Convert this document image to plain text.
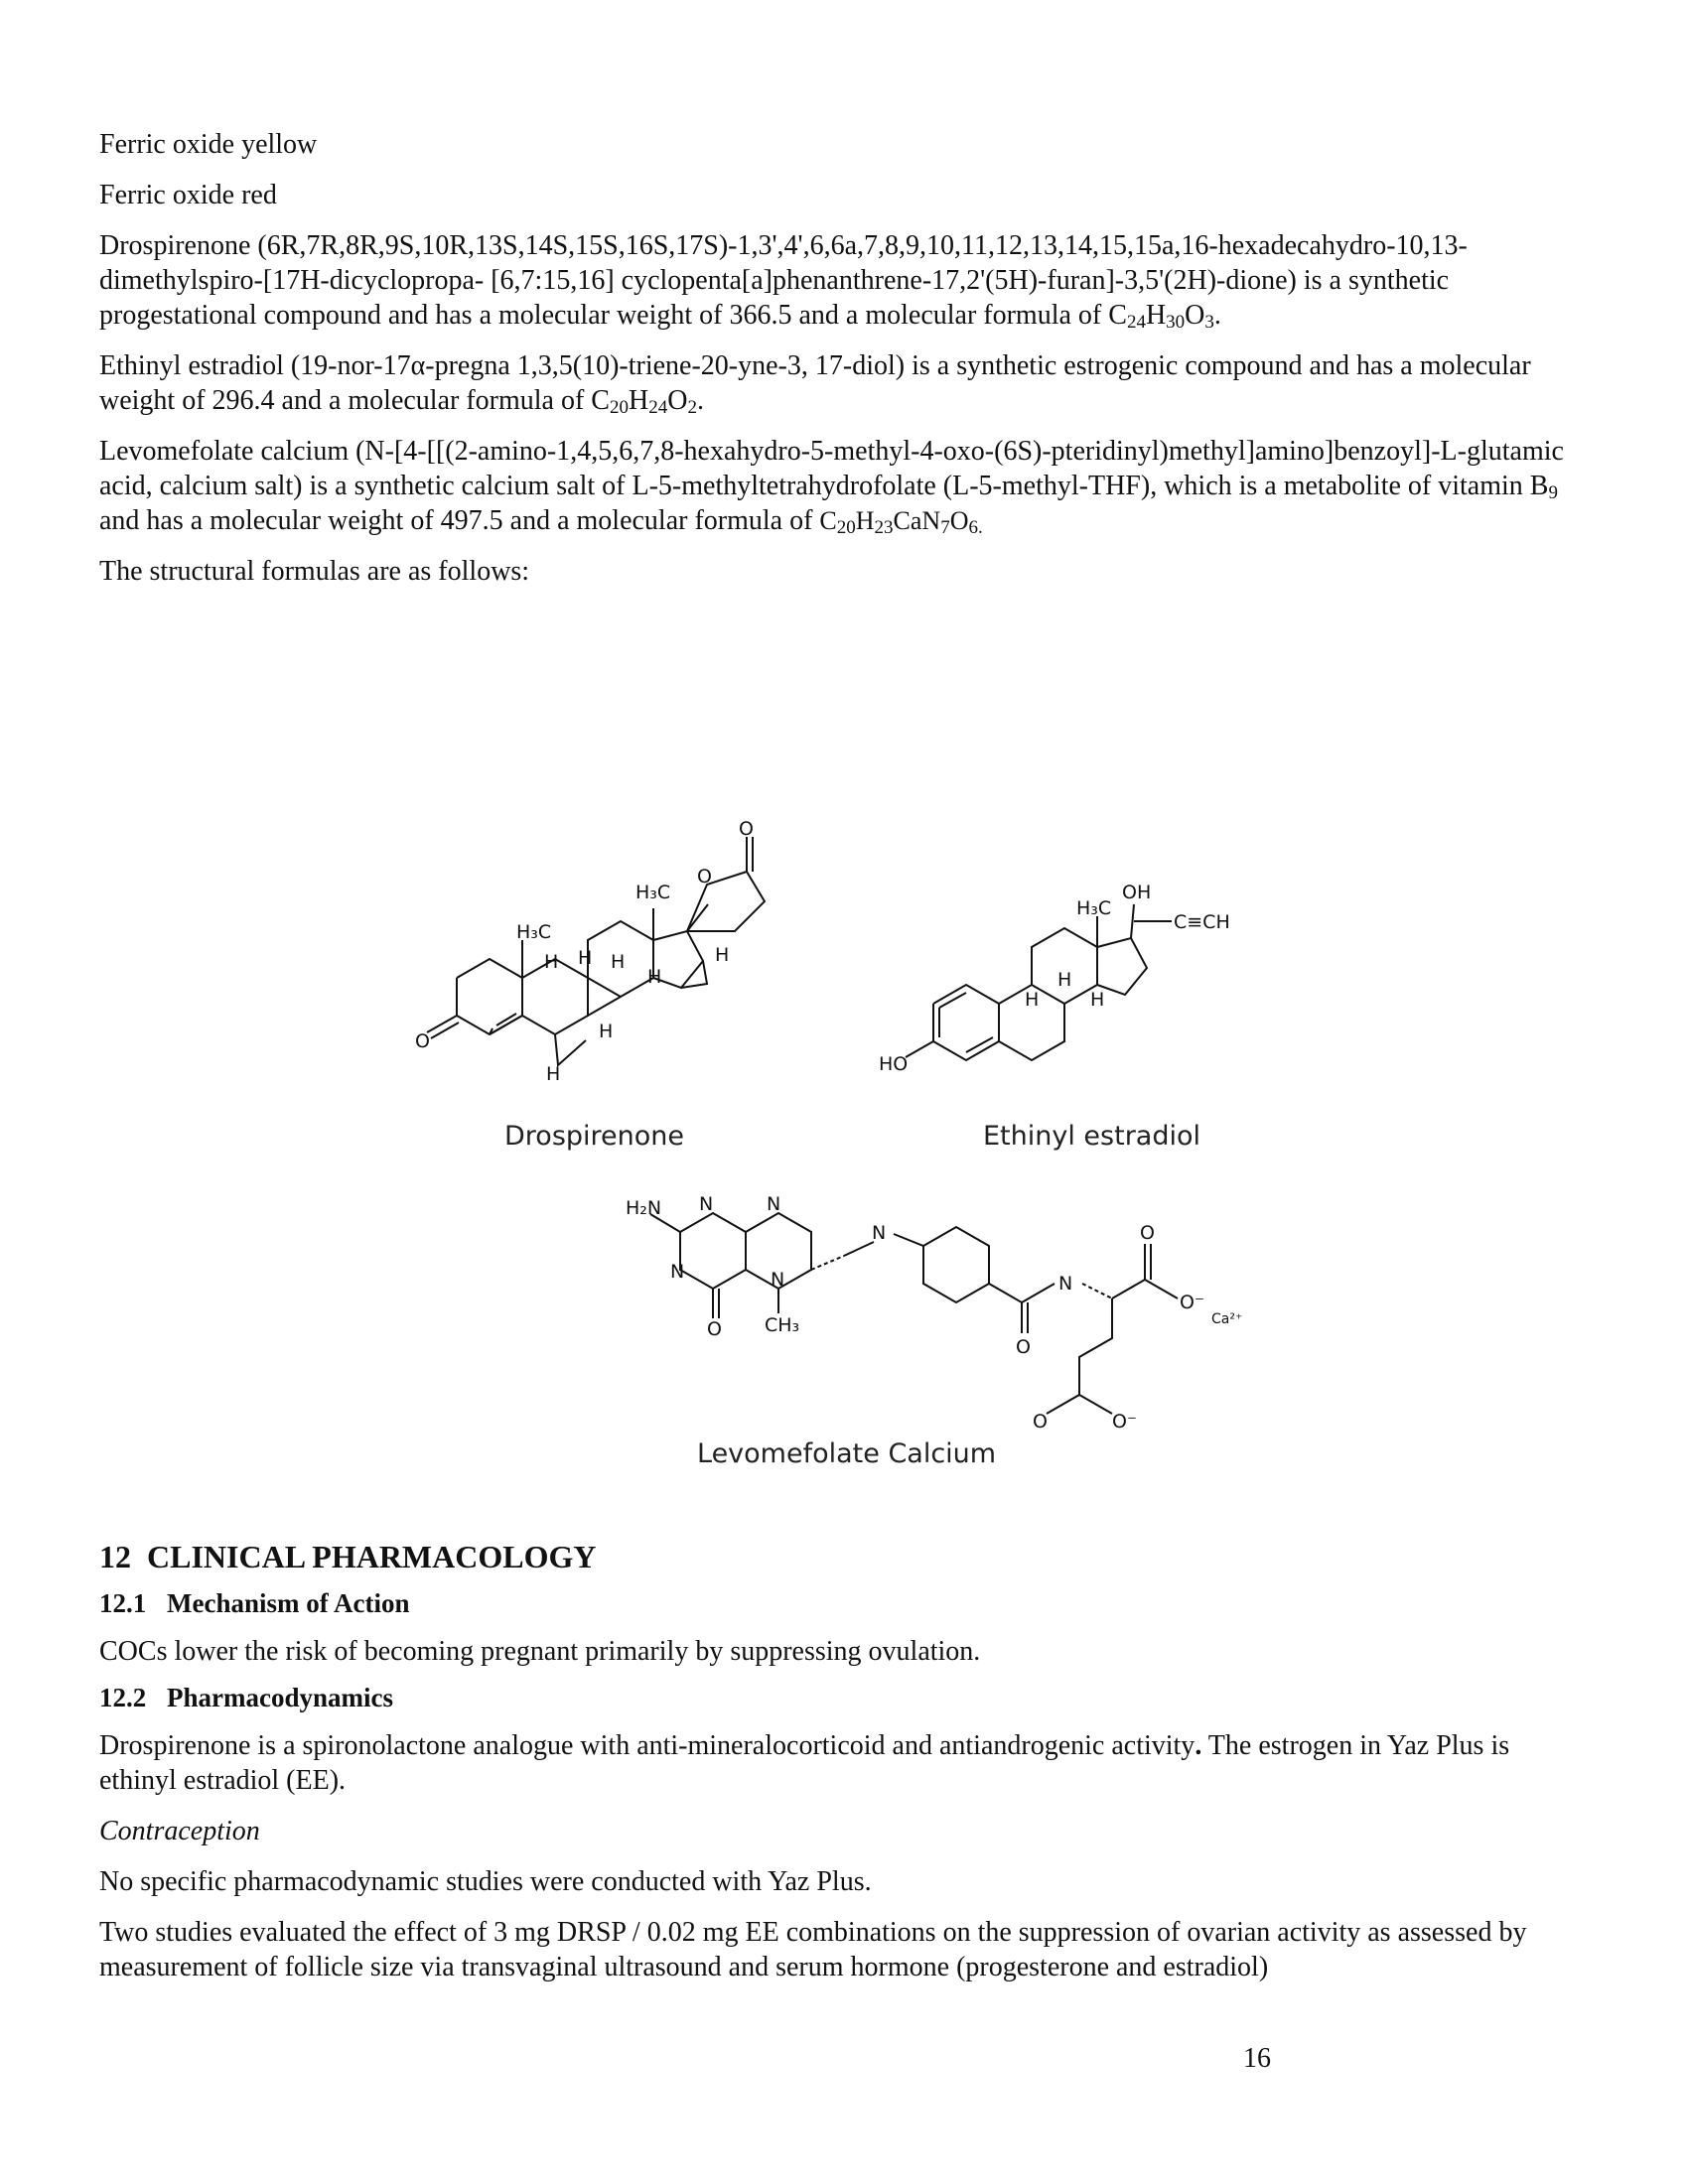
Ferric oxide yellow

Ferric oxide red

Drospirenone (6R,7R,8R,9S,10R,13S,14S,15S,16S,17S)-1,3',4',6,6a,7,8,9,10,11,12,13,14,15,15a,16-hexadecahydro-10,13-dimethylspiro-[17H-dicyclopropa- [6,7:15,16] cyclopenta[a]phenanthrene-17,2'(5H)-furan]-3,5'(2H)-dione) is a synthetic progestational compound and has a molecular weight of 366.5 and a molecular formula of $C_{24}H_{30}O_3$.

Ethinyl estradiol (19-nor-17α-pregna 1,3,5(10)-triene-20-yne-3, 17-diol) is a synthetic estrogenic compound and has a molecular weight of 296.4 and a molecular formula of $C_{20}H_{24}O_2$.

Levomefolate calcium (N-[4-[[(2-amino-1,4,5,6,7,8-hexahydro-5-methyl-4-oxo-(6S)-pteridinyl)methyl]amino]benzoyl]-L-glutamic acid, calcium salt) is a synthetic calcium salt of L-5-methyltetrahydrofolate (L-5-methyl-THF), which is a metabolite of vitamin $B_9$ and has a molecular weight of 497.5 and a molecular formula of $C_{20}H_{23}CaN_7O_{6.}$

The structural formulas are as follows:

H₃C
H₃C
O
O
O
H H H
H
H
H
H
Drospirenone
H₃C
OH
C≡CH
HO
H
H
H
Ethinyl estradiol
H₂N N	N
N	N
N
N
O CH₃
O
O
O⁻
O	O⁻
Ca²⁺
Levomefolate Calcium
12 CLINICAL PHARMACOLOGY
12.1 Mechanism of Action

COCs lower the risk of becoming pregnant primarily by suppressing ovulation.

12.2 Pharmacodynamics

Drospirenone is a spironolactone analogue with anti-mineralocorticoid and antiandrogenic activity. The estrogen in Yaz Plus is ethinyl estradiol (EE).

Contraception

No specific pharmacodynamic studies were conducted with Yaz Plus.

Two studies evaluated the effect of 3 mg DRSP / 0.02 mg EE combinations on the suppression of ovarian activity as assessed by measurement of follicle size via transvaginal ultrasound and serum hormone (progesterone and estradiol)

16
